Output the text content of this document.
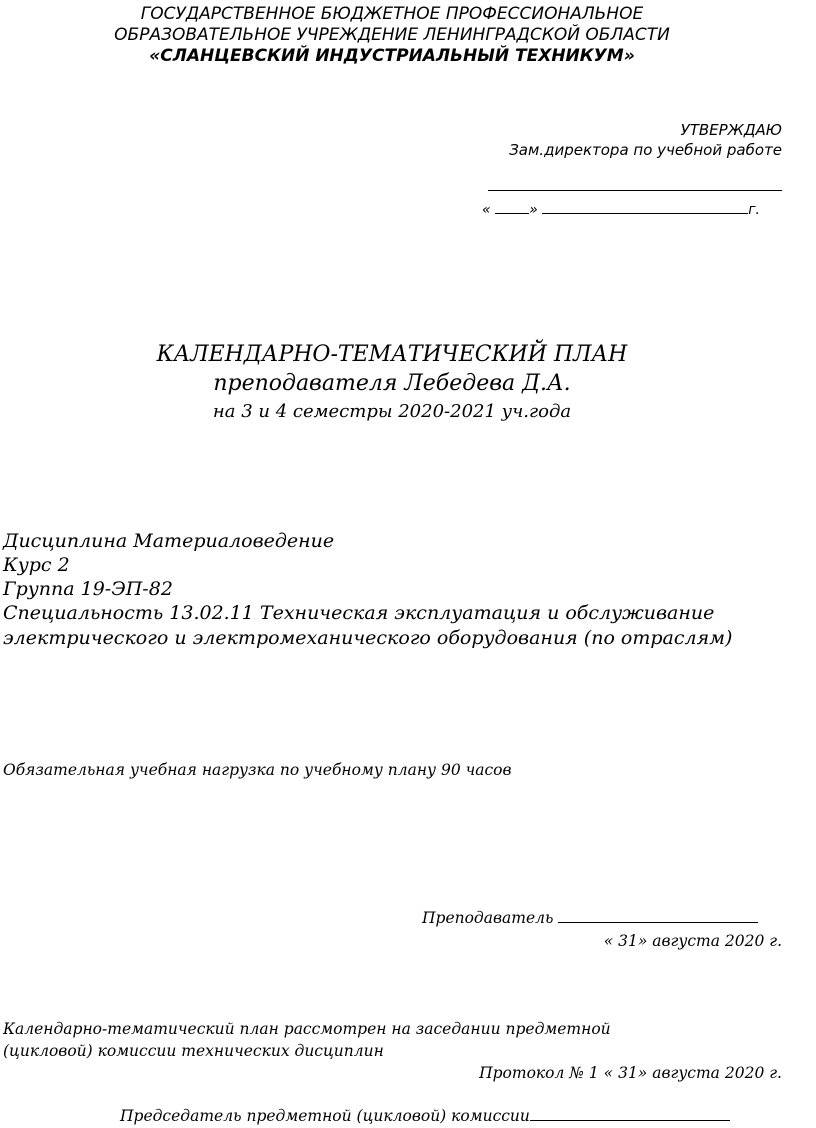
ГОСУДАРСТВЕННОЕ БЮДЖЕТНОЕ ПРОФЕССИОНАЛЬНОЕ
ОБРАЗОВАТЕЛЬНОЕ УЧРЕЖДЕНИЕ ЛЕНИНГРАДСКОЙ ОБЛАСТИ
«СЛАНЦЕВСКИЙ ИНДУСТРИАЛЬНЫЙ ТЕХНИКУМ»
УТВЕРЖДАЮ
Зам.директора по учебной работе
«	»	г.
КАЛЕНДАРНО-ТЕМАТИЧЕСКИЙ ПЛАН
преподавателя Лебедева Д.А.
на 3 и 4 семестры 2020-2021 уч.года
Дисциплина Материаловедение
Курс 2
Группа 19-ЭП-82
Специальность 13.02.11 Техническая эксплуатация и обслуживание
электрического и электромеханического оборудования (по отраслям)
Обязательная учебная нагрузка по учебному плану 90 часов
Преподаватель
« 31» августа 2020 г.
Календарно-тематический план рассмотрен на заседании предметной
(цикловой) комиссии технических дисциплин
Протокол № 1 « 31» августа 2020 г.
Председатель предметной (цикловой) комиссии
